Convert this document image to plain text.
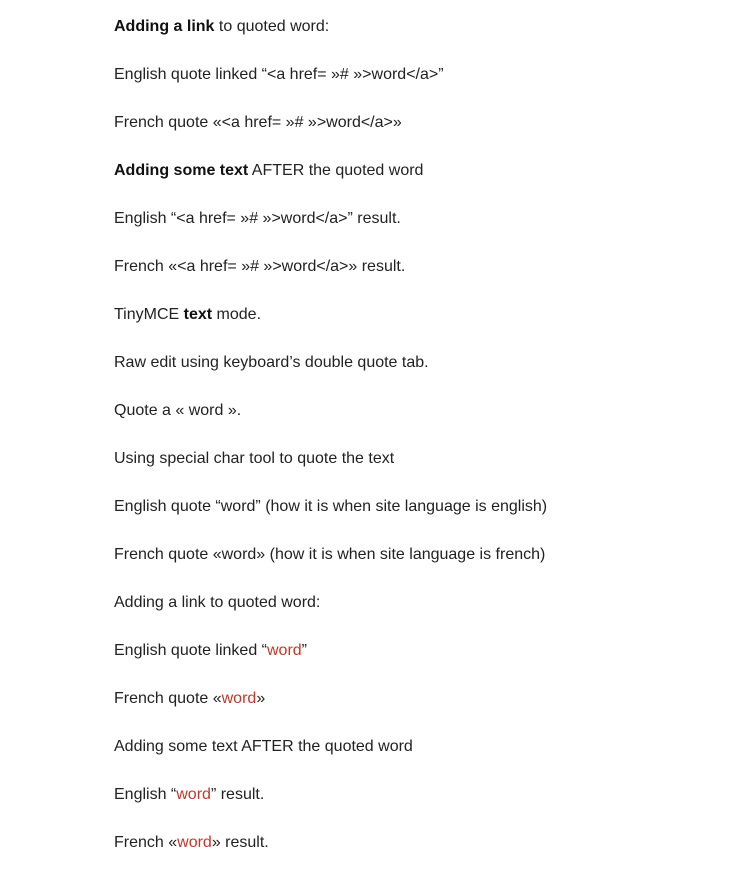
Adding a link to quoted word:
English quote linked “<a href= »# »>word</a>”
French quote «<a href= »# »>word</a>»
Adding some text AFTER the quoted word
English “<a href= »# »>word</a>” result.
French «<a href= »# »>word</a>» result.
TinyMCE text mode.
Raw edit using keyboard’s double quote tab.
Quote a « word ».
Using special char tool to quote the text
English quote “word” (how it is when site language is english)
French quote «word» (how it is when site language is french)
Adding a link to quoted word:
English quote linked “word”
French quote «word»
Adding some text AFTER the quoted word
English “word” result.
French «word» result.
